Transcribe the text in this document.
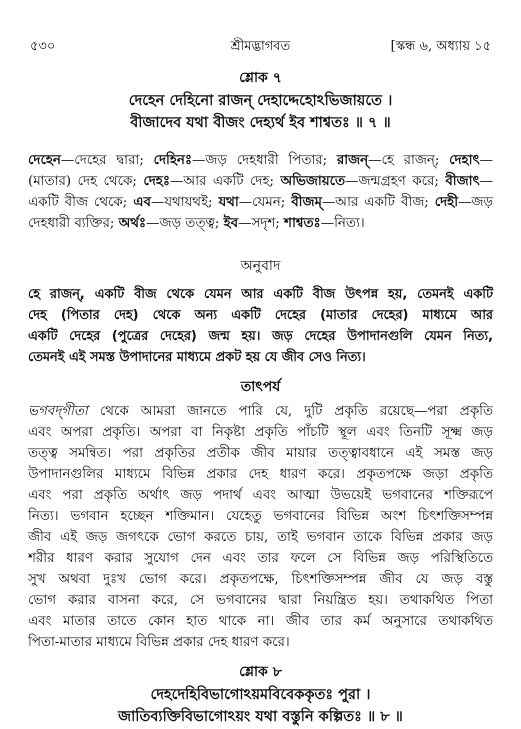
৫৩০	শ্রীমদ্ভাগবত	[স্কন্ধ ৬, অধ্যায় ১৫

শ্লোক ৭

দেহেন দেহিনো রাজন্‌ দেহাদ্দেহোঽভিজায়তে ।

বীজাদেব যথা বীজং দেহ্যর্থ ইব শাশ্বতঃ ॥ ৭ ॥

দেহেন—দেহের দ্বারা; দেহিনঃ—জড় দেহধারী পিতার; রাজন্‌—হে রাজন্‌; দেহাৎ—(মাতার) দেহ থেকে; দেহঃ—আর একটি দেহ; অভিজায়তে—জন্মগ্রহণ করে; বীজাৎ—একটি বীজ থেকে; এব—যথাযথই; যথা—যেমন; বীজম্‌—আর একটি বীজ; দেহী—জড় দেহধারী ব্যক্তির; অর্থঃ—জড় তত্ত্ব; ইব—সদৃশ; শাশ্বতঃ—নিত্য।

অনুবাদ

হে রাজন্‌, একটি বীজ থেকে যেমন আর একটি বীজ উৎপন্ন হয়, তেমনই একটি

দেহ (পিতার দেহ) থেকে অন্য একটি দেহের (মাতার দেহের) মাধ্যমে আর

একটি দেহের (পুত্রের দেহের) জন্ম হয়। জড় দেহের উপাদানগুলি যেমন নিত্য,

তেমনই এই সমস্ত উপাদানের মাধ্যমে প্রকট হয় যে জীব সেও নিত্য।

তাৎপর্য

ভগবদ্‌গীতা থেকে আমরা জানতে পারি যে, দুটি প্রকৃতি রয়েছে—পরা প্রকৃতি

এবং অপরা প্রকৃতি। অপরা বা নিকৃষ্টা প্রকৃতি পাঁচটি স্থূল এবং তিনটি সূক্ষ্ম জড়

তত্ত্ব সমন্বিত। পরা প্রকৃতির প্রতীক জীব মায়ার তত্ত্বাবধানে এই সমস্ত জড়

উপাদানগুলির মাধ্যমে বিভিন্ন প্রকার দেহ ধারণ করে। প্রকৃতপক্ষে জড়া প্রকৃতি

এবং পরা প্রকৃতি অর্থাৎ জড় পদার্থ এবং আত্মা উভয়েই ভগবানের শক্তিরূপে

নিত্য। ভগবান হচ্ছেন শক্তিমান। যেহেতু ভগবানের বিভিন্ন অংশ চিৎশক্তিসম্পন্ন

জীব এই জড় জগৎকে ভোগ করতে চায়, তাই ভগবান তাকে বিভিন্ন প্রকার জড়

শরীর ধারণ করার সুযোগ দেন এবং তার ফলে সে বিভিন্ন জড় পরিস্থিতিতে

সুখ অথবা দুঃখ ভোগ করে। প্রকৃতপক্ষে, চিৎশক্তিসম্পন্ন জীব যে জড় বস্তু

ভোগ করার বাসনা করে, সে ভগবানের দ্বারা নিয়ন্ত্রিত হয়। তথাকথিত পিতা

এবং মাতার তাতে কোন হাত থাকে না। জীব তার কর্ম অনুসারে তথাকথিত

পিতা-মাতার মাধ্যমে বিভিন্ন প্রকার দেহ ধারণ করে।

শ্লোক ৮

দেহদেহিবিভাগোঽয়মবিবেককৃতঃ পুরা ।

জাতিব্যক্তিবিভাগোঽয়ং যথা বস্তুনি কল্পিতঃ ॥ ৮ ॥
